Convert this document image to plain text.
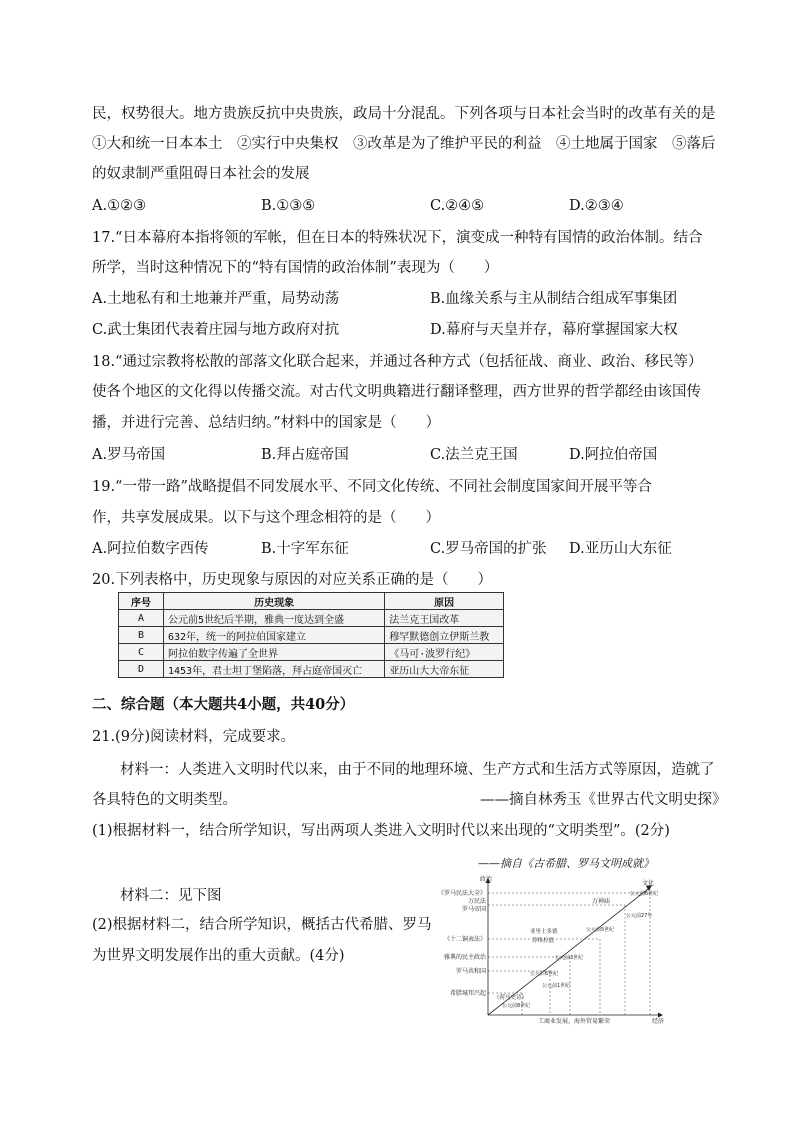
民，权势很大。地方贵族反抗中央贵族，政局十分混乱。下列各项与日本社会当时的改革有关的是
①大和统一日本本土　②实行中央集权　③改革是为了维护平民的利益　④土地属于国家　⑤落后
的奴隶制严重阻碍日本社会的发展
A.①②③	B.①③⑤	C.②④⑤	D.②③④
17.“日本幕府本指将领的军帐，但在日本的特殊状况下，演变成一种特有国情的政治体制。结合
所学，当时这种情况下的“特有国情的政治体制”表现为（　　）
A.土地私有和土地兼并严重，局势动荡	B.血缘关系与主从制结合组成军事集团
C.武士集团代表着庄园与地方政府对抗	D.幕府与天皇并存，幕府掌握国家大权
18.“通过宗教将松散的部落文化联合起来，并通过各种方式（包括征战、商业、政治、移民等）
使各个地区的文化得以传播交流。对古代文明典籍进行翻译整理，西方世界的哲学都经由该国传
播，并进行完善、总结归纳。”材料中的国家是（　　）
A.罗马帝国	B.拜占庭帝国	C.法兰克王国	D.阿拉伯帝国
19.“一带一路”战略提倡不同发展水平、不同文化传统、不同社会制度国家间开展平等合
作，共享发展成果。以下与这个理念相符的是（　　）
A.阿拉伯数字西传	B.十字军东征	C.罗马帝国的扩张 D.亚历山大东征
20.下列表格中，历史现象与原因的对应关系正确的是（　　）
序号	历史现象	原因
A	公元前5世纪后半期，雅典一度达到全盛	法兰克王国改革
B	632年，统一的阿拉伯国家建立	穆罕默德创立伊斯兰教
C	阿拉伯数字传遍了全世界	《马可·波罗行纪》
D	1453年，君士坦丁堡陷落，拜占庭帝国灭亡	亚历山大大帝东征
二、综合题（本大题共4小题，共40分）
21.(9分)阅读材料，完成要求。
材料一：人类进入文明时代以来，由于不同的地理环境、生产方式和生活方式等原因，造就了
各具特色的文明类型。	——摘自林秀玉《世界古代文明史探》
(1)根据材料一，结合所学知识，写出两项人类进入文明时代以来出现的“文明类型”。(2分)
——摘自《古希腊、罗马文明成就》
材料二：见下图
(2)根据材料二，结合所学知识，概括古代希腊、罗马
为世界文明发展作出的重大贡献。(4分)
政治
经济
文化
工商业发展，海外贸易繁荣
《罗马民法大全》
万民法
罗马帝国
《十二铜表法》
雅典的民主政治
罗马共和国
希腊城邦兴起
万神庙
公元前27年
公元前6世纪
公元前5世纪
亚里士多德
苏格拉底
公元前3世纪
公元后6世纪
《荷马史诗》
公元前8世纪
公元前1世纪
